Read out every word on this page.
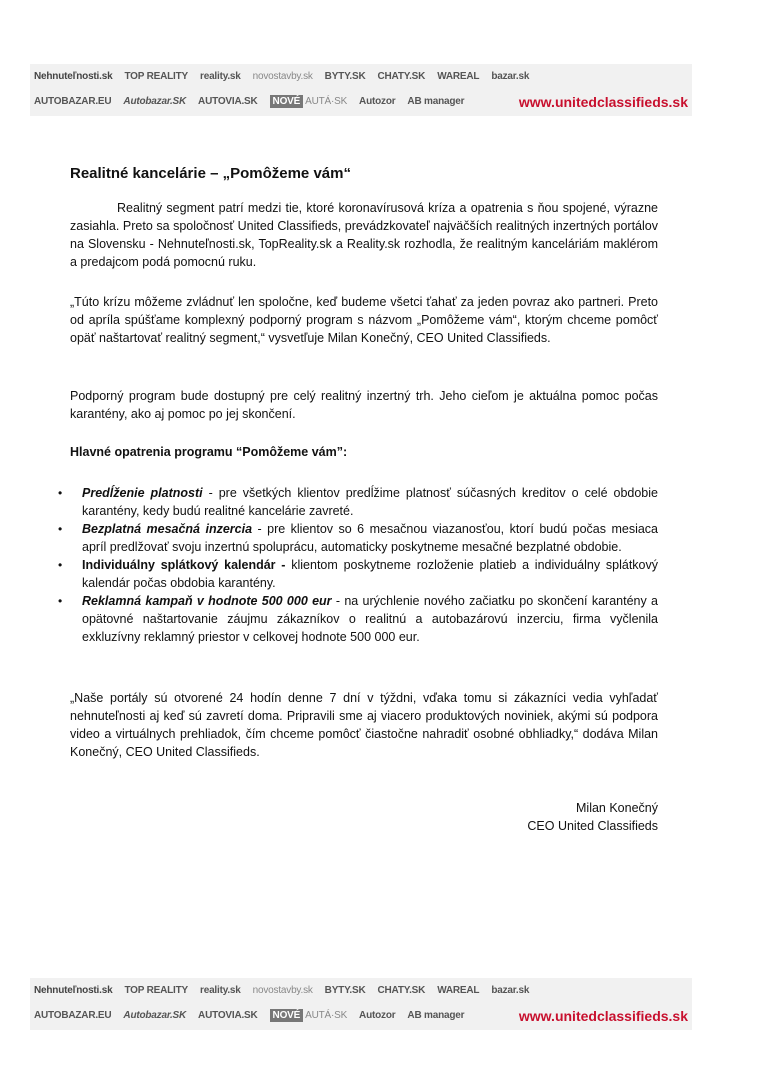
Nehnuteľnosti.sk TOP REALITY reality.sk novostavby.sk BYTY.SK CHATY.SK WAREAL bazar.sk
AUTOBAZAR.EU Autobazar.SK AUTOVIA.SK	NOVÉ AUTÁ·SK Autozor AB manager	www.unitedclassifieds.sk
Realitné kancelárie – „Pomôžeme vám“

Realitný segment patrí medzi tie, ktoré koronavírusová kríza a opatrenia s ňou spojené, výrazne zasiahla. Preto sa spoločnosť United Classifieds, prevádzkovateľ najväčších realitných inzertných portálov na Slovensku - Nehnuteľnosti.sk, TopReality.sk a Reality.sk rozhodla, že realitným kanceláriám maklérom a predajcom podá pomocnú ruku.

„Túto krízu môžeme zvládnuť len spoločne, keď budeme všetci ťahať za jeden povraz ako partneri. Preto od apríla spúšťame komplexný podporný program s názvom „Pomôžeme vám“, ktorým chceme pomôcť opäť naštartovať realitný segment,“ vysvetľuje Milan Konečný, CEO United Classifieds.

Podporný program bude dostupný pre celý realitný inzertný trh. Jeho cieľom je aktuálna pomoc počas karantény, ako aj pomoc po jej skončení.

Hlavné opatrenia programu “Pomôžeme vám”:

• Predĺženie platnosti - pre všetkých klientov predĺžime platnosť súčasných kreditov o celé obdobie karantény, kedy budú realitné kancelárie zavreté.
• Bezplatná mesačná inzercia - pre klientov so 6 mesačnou viazanosťou, ktorí budú počas mesiaca apríl predlžovať svoju inzertnú spoluprácu, automaticky poskytneme mesačné bezplatné obdobie.
• Individuálny splátkový kalendár - klientom poskytneme rozloženie platieb a individuálny splátkový kalendár počas obdobia karantény.
• Reklamná kampaň v hodnote 500 000 eur - na urýchlenie nového začiatku po skončení karantény a opätovné naštartovanie záujmu zákazníkov o realitnú a autobazárovú inzerciu, firma vyčlenila exkluzívny reklamný priestor v celkovej hodnote 500 000 eur.

„Naše portály sú otvorené 24 hodín denne 7 dní v týždni, vďaka tomu si zákazníci vedia vyhľadať nehnuteľnosti aj keď sú zavretí doma. Pripravili sme aj viacero produktových noviniek, akými sú podpora video a virtuálnych prehliadok, čím chceme pomôcť čiastočne nahradiť osobné obhliadky,“ dodáva Milan Konečný, CEO United Classifieds.

Milan Konečný
CEO United Classifieds
Nehnuteľnosti.sk TOP REALITY reality.sk novostavby.sk BYTY.SK CHATY.SK WAREAL bazar.sk
AUTOBAZAR.EU Autobazar.SK AUTOVIA.SK	NOVÉ AUTÁ·SK Autozor AB manager	www.unitedclassifieds.sk
